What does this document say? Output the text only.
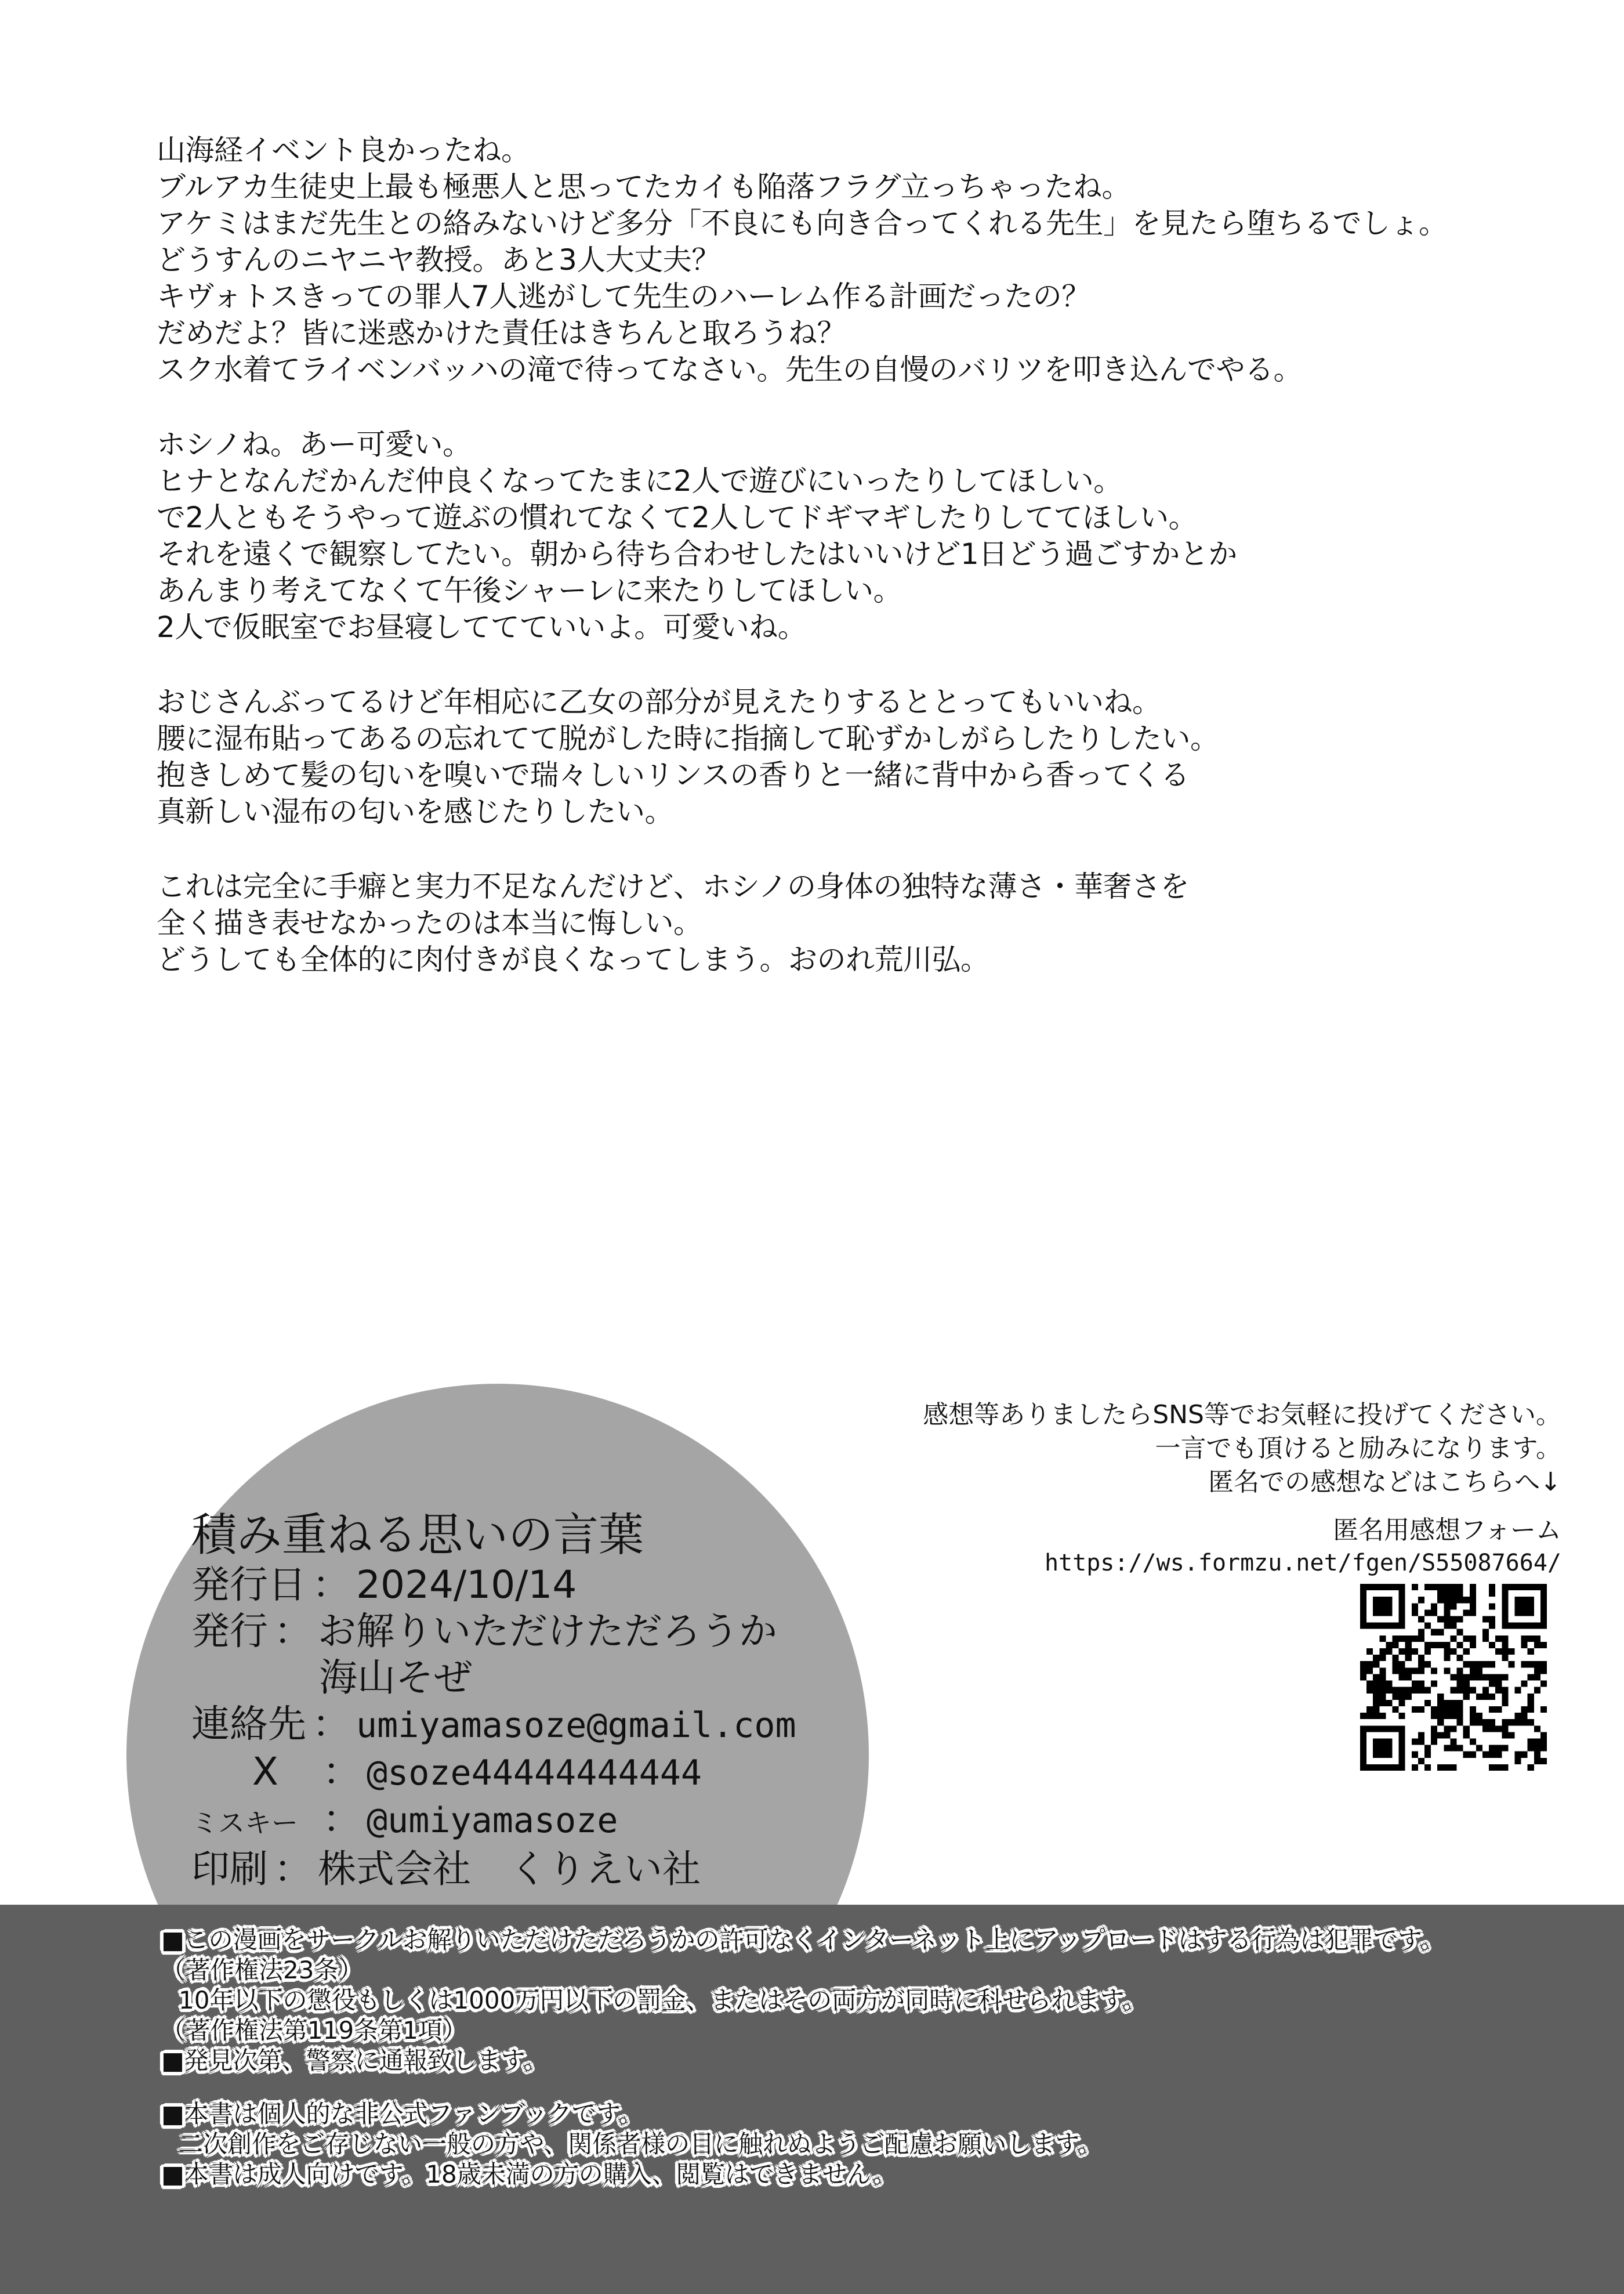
山海経イベント良かったね。
ブルアカ生徒史上最も極悪人と思ってたカイも陥落フラグ立っちゃったね。
アケミはまだ先生との絡みないけど多分「不良にも向き合ってくれる先生」を見たら堕ちるでしょ。
どうすんのニヤニヤ教授。あと3人大丈夫？
キヴォトスきっての罪人7人逃がして先生のハーレム作る計画だったの？
だめだよ？皆に迷惑かけた責任はきちんと取ろうね？
スク水着てライベンバッハの滝で待ってなさい。先生の自慢のバリツを叩き込んでやる。
ホシノね。あー可愛い。
ヒナとなんだかんだ仲良くなってたまに2人で遊びにいったりしてほしい。
で2人ともそうやって遊ぶの慣れてなくて2人してドギマギしたりしててほしい。
それを遠くで観察してたい。朝から待ち合わせしたはいいけど1日どう過ごすかとか
あんまり考えてなくて午後シャーレに来たりしてほしい。
2人で仮眠室でお昼寝しててていいよ。可愛いね。
おじさんぶってるけど年相応に乙女の部分が見えたりするととってもいいね。
腰に湿布貼ってあるの忘れてて脱がした時に指摘して恥ずかしがらしたりしたい。
抱きしめて髪の匂いを嗅いで瑞々しいリンスの香りと一緒に背中から香ってくる
真新しい湿布の匂いを感じたりしたい。
これは完全に手癖と実力不足なんだけど、ホシノの身体の独特な薄さ・華奢さを
全く描き表せなかったのは本当に悔しい。
どうしても全体的に肉付きが良くなってしまう。おのれ荒川弘。
感想等ありましたらSNS等でお気軽に投げてください。
一言でも頂けると励みになります。
匿名での感想などはこちらへ↓
匿名用感想フォーム
https://ws.formzu.net/fgen/S55087664/
積み重ねる思いの言葉
発行日 ： 2024/10/14
発行 ： お解りいただけただろうか
海山そぜ
連絡先 ： umiyamasoze@gmail.com
X 　： @soze44444444444
ミスキー
　： @umiyamasoze
印刷 ： 株式会社　くりえい社
■この漫画をサークルお解りいただけただろうかの許可なくインターネット上にアップロードはする行為は犯罪です。
（著作権法23条）
10年以下の懲役もしくは1000万円以下の罰金、またはその両方が同時に科せられます。
（著作権法第119条第1項）
■発見次第、警察に通報致します。
■本書は個人的な非公式ファンブックです。
二次創作をご存じない一般の方や、関係者様の目に触れぬようご配慮お願いします。
■本書は成人向けです。18歳未満の方の購入、閲覧はできません。
